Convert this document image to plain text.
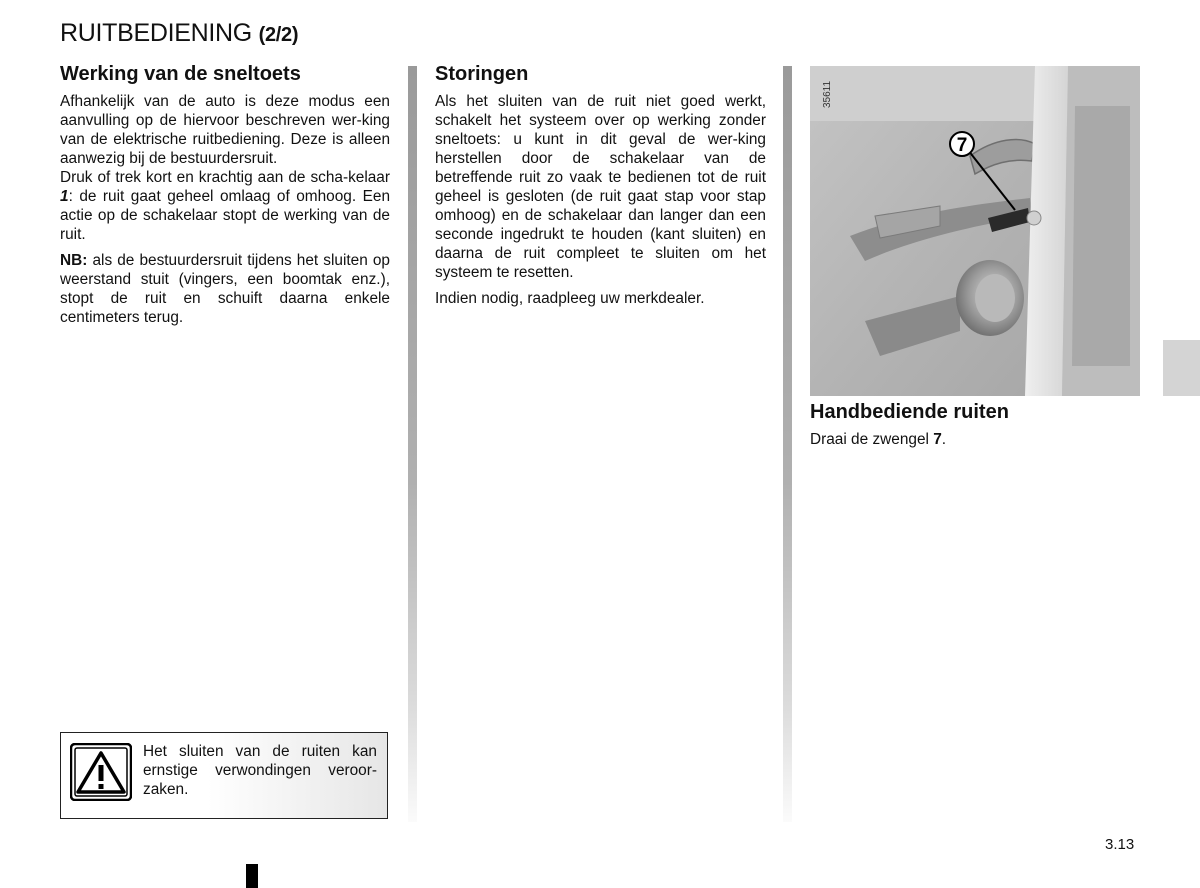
RUITBEDIENING (2/2)
Werking van de sneltoets
Afhankelijk van de auto is deze modus een aanvulling op de hiervoor beschreven wer-king van de elektrische ruitbediening. Deze is alleen aanwezig bij de bestuurdersruit.
Druk of trek kort en krachtig aan de scha-kelaar 1: de ruit gaat geheel omlaag of omhoog. Een actie op de schakelaar stopt de werking van de ruit.
NB: als de bestuurdersruit tijdens het sluiten op weerstand stuit (vingers, een boomtak enz.), stopt de ruit en schuift daarna enkele centimeters terug.
Storingen
Als het sluiten van de ruit niet goed werkt, schakelt het systeem over op werking zonder sneltoets: u kunt in dit geval de wer-king herstellen door de schakelaar van de betreffende ruit zo vaak te bedienen tot de ruit geheel is gesloten (de ruit gaat stap voor stap omhoog) en de schakelaar dan langer dan een seconde ingedrukt te houden (kant sluiten) en daarna de ruit compleet te sluiten om het systeem te resetten.
Indien nodig, raadpleeg uw merkdealer.
35611
7
Handbediende ruiten
Draai de zwengel 7.
Het sluiten van de ruiten kan ernstige verwondingen veroor-zaken.
3.13
